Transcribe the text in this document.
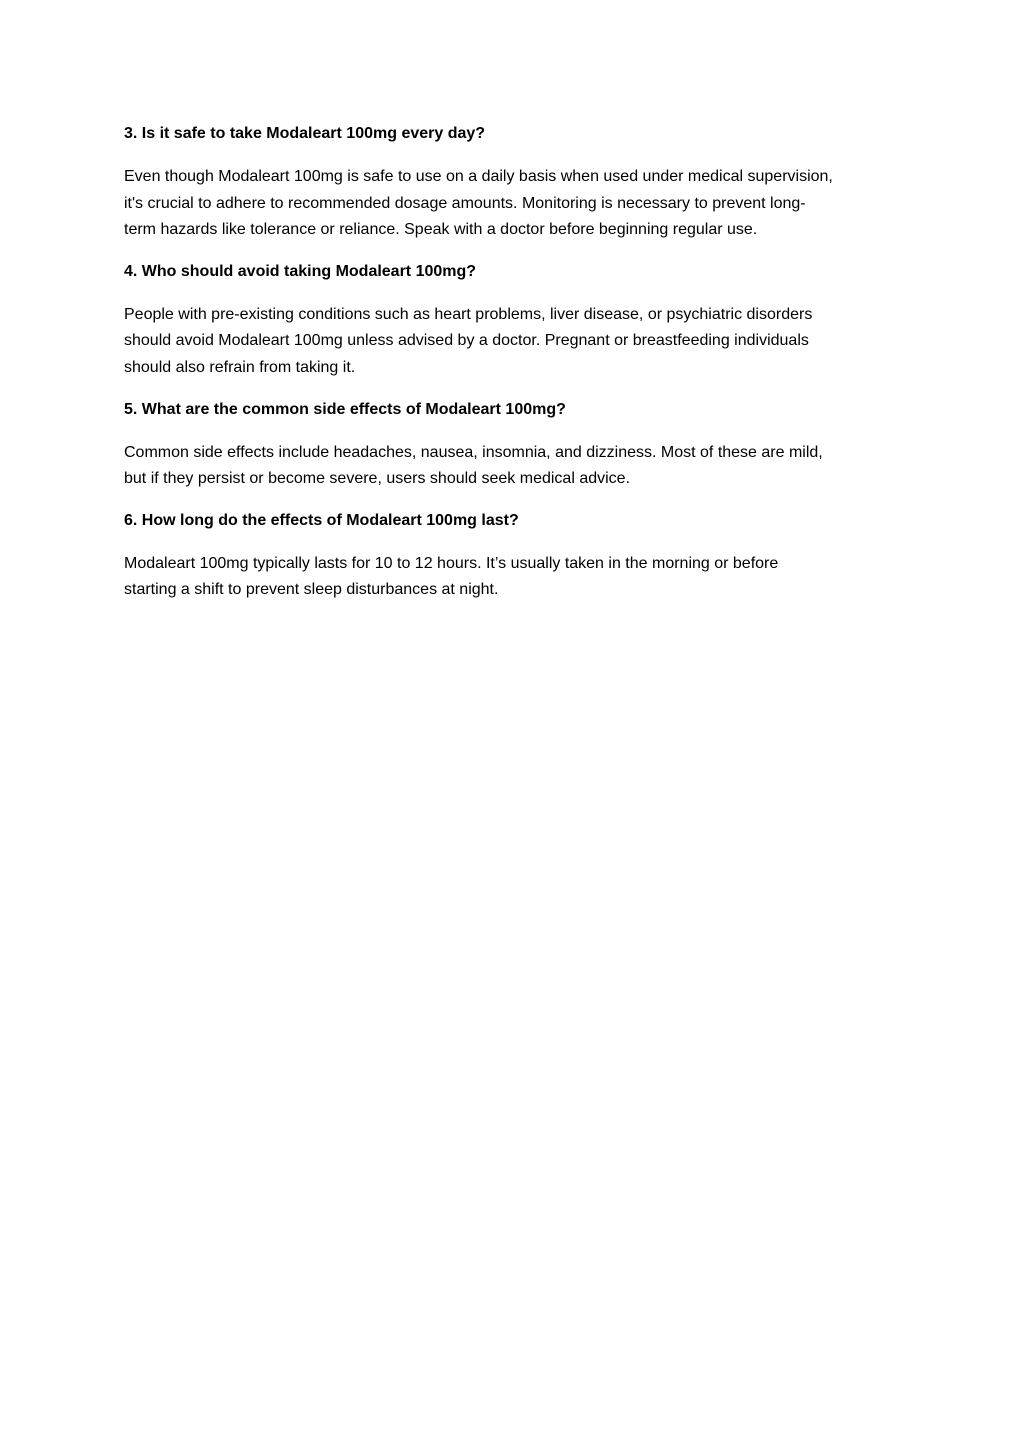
3. Is it safe to take Modaleart 100mg every day?

Even though Modaleart 100mg is safe to use on a daily basis when used under medical supervision,
it's crucial to adhere to recommended dosage amounts. Monitoring is necessary to prevent long-
term hazards like tolerance or reliance. Speak with a doctor before beginning regular use.

4. Who should avoid taking Modaleart 100mg?

People with pre-existing conditions such as heart problems, liver disease, or psychiatric disorders
should avoid Modaleart 100mg unless advised by a doctor. Pregnant or breastfeeding individuals
should also refrain from taking it.

5. What are the common side effects of Modaleart 100mg?

Common side effects include headaches, nausea, insomnia, and dizziness. Most of these are mild,
but if they persist or become severe, users should seek medical advice.

6. How long do the effects of Modaleart 100mg last?

Modaleart 100mg typically lasts for 10 to 12 hours. It’s usually taken in the morning or before
starting a shift to prevent sleep disturbances at night.
